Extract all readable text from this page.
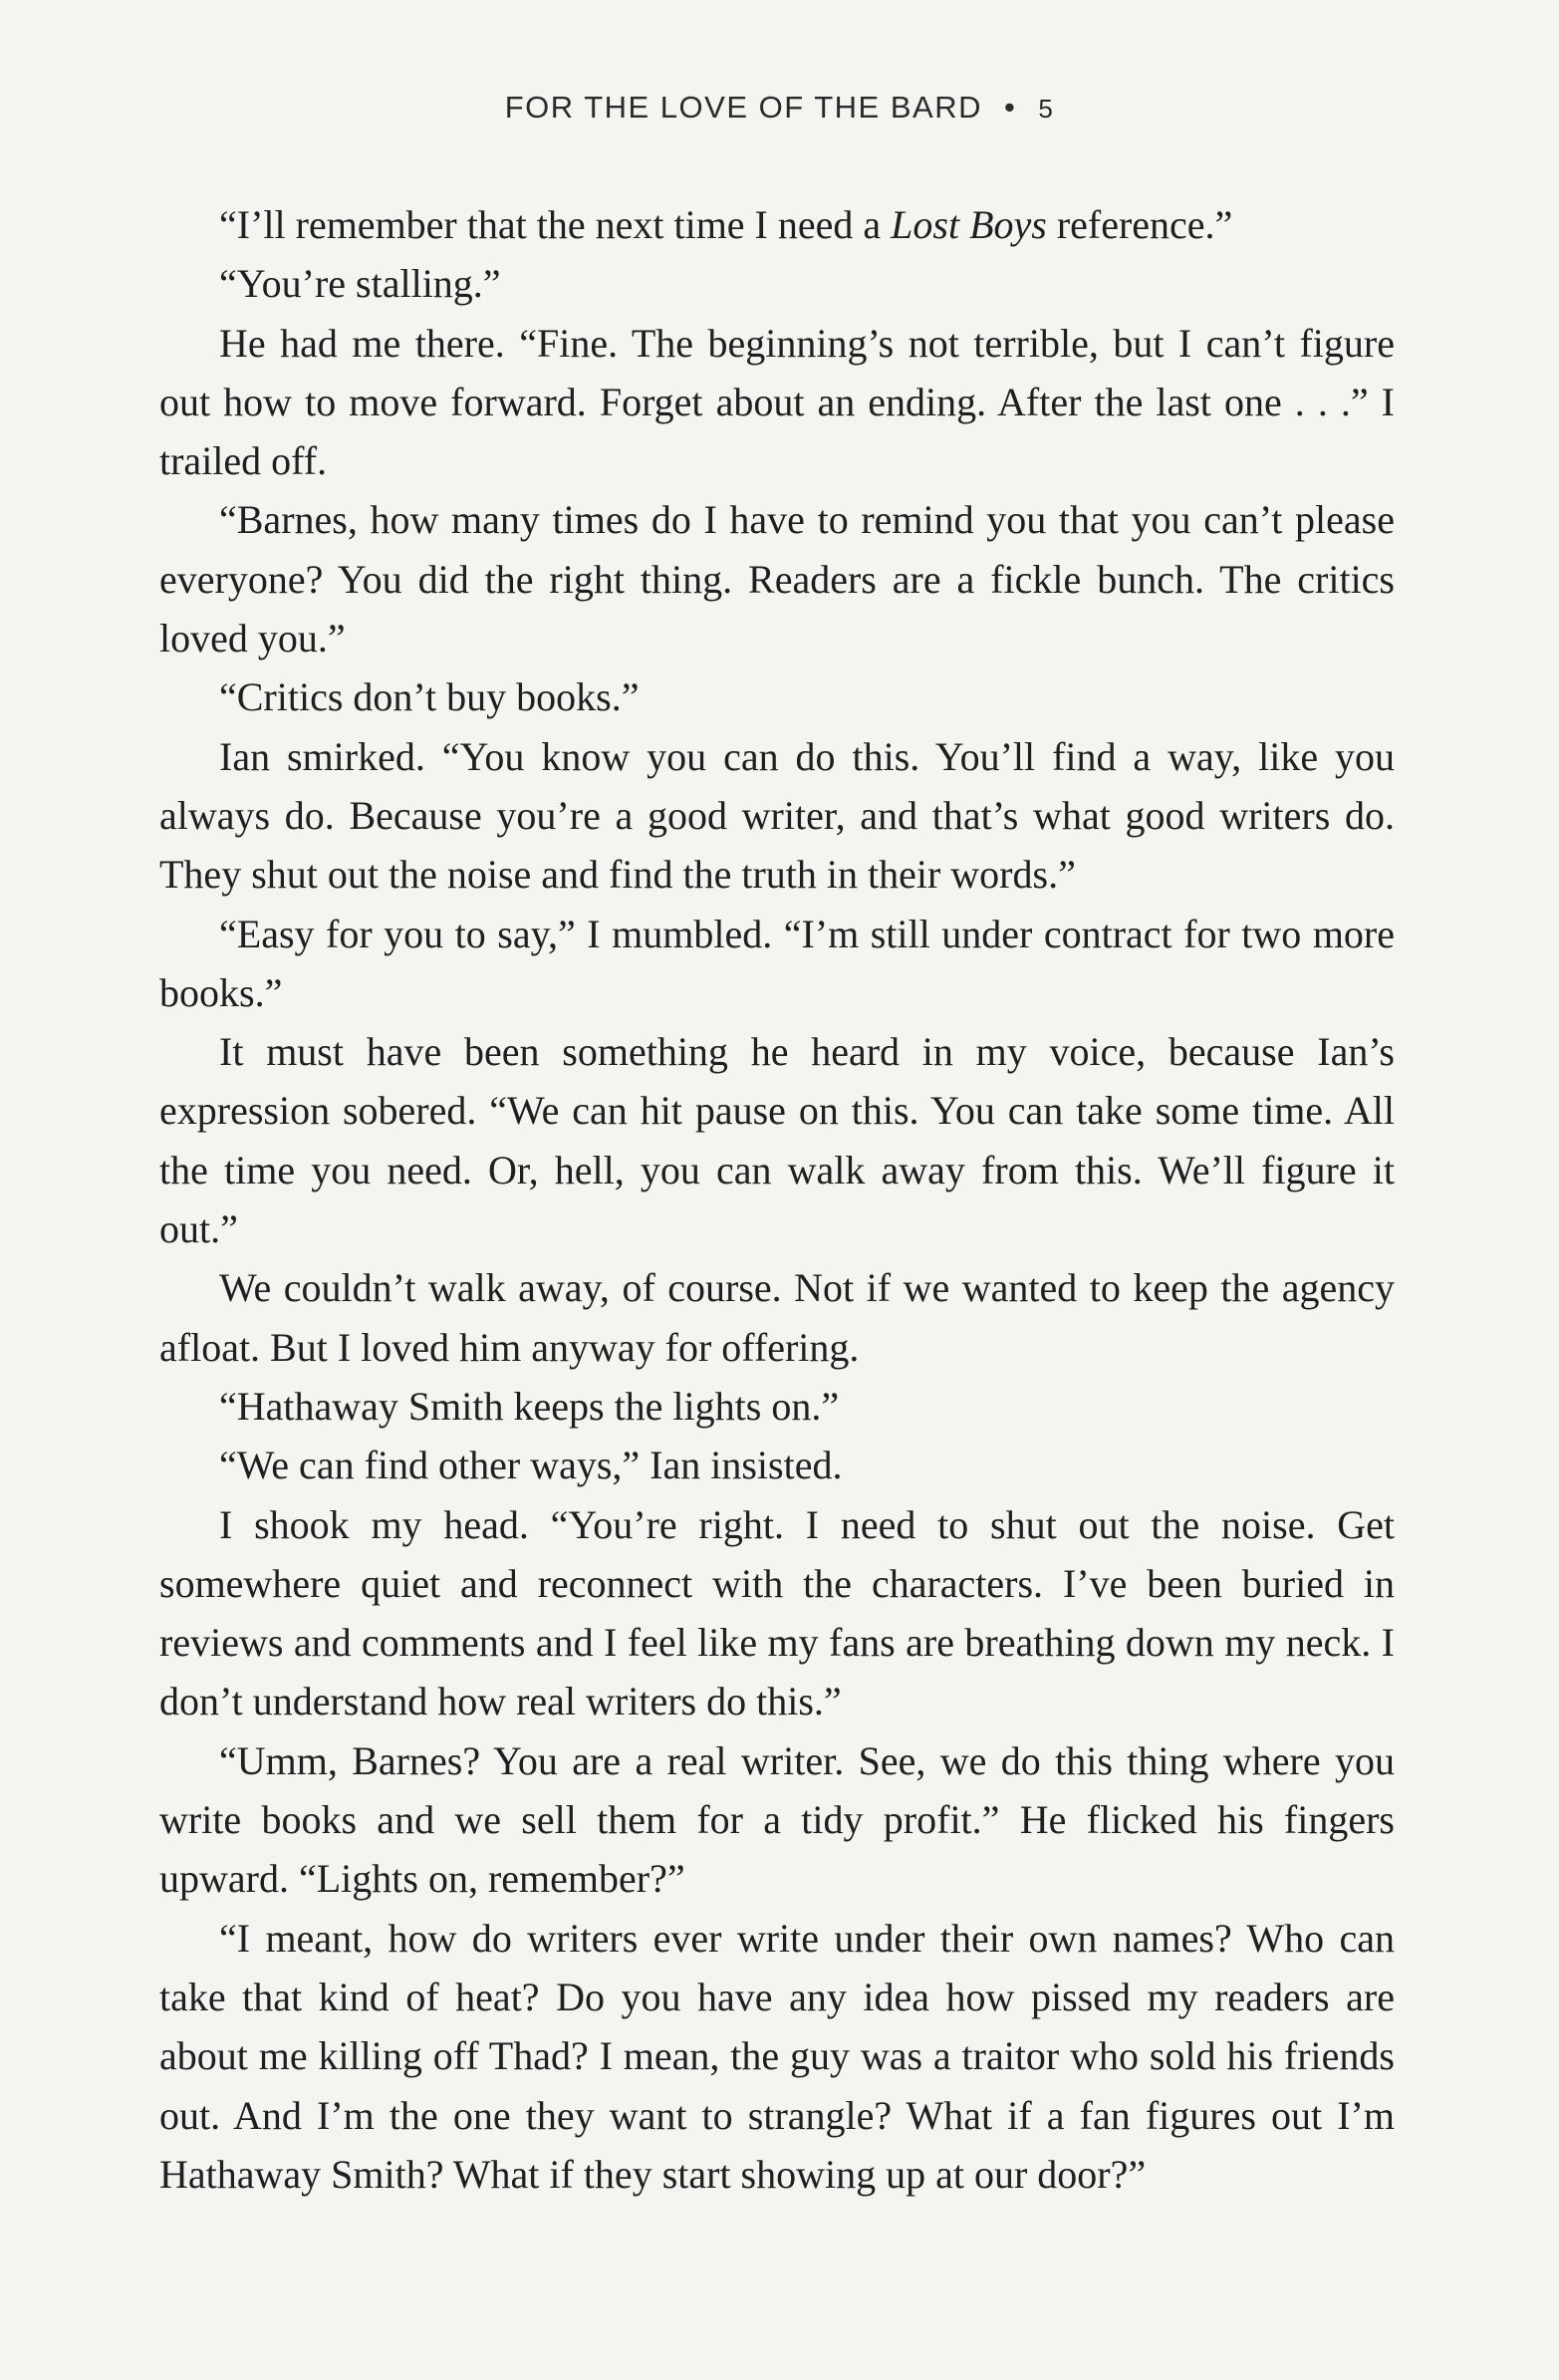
FOR THE LOVE OF THE BARD • 5

“I’ll remember that the next time I need a Lost Boys reference.”

“You’re stalling.”

He had me there. “Fine. The beginning’s not terrible, but I can’t figure out how to move forward. Forget about an ending. After the last one . . .” I trailed off.

“Barnes, how many times do I have to remind you that you can’t please everyone? You did the right thing. Readers are a fickle bunch. The critics loved you.”

“Critics don’t buy books.”

Ian smirked. “You know you can do this. You’ll find a way, like you always do. Because you’re a good writer, and that’s what good writers do. They shut out the noise and find the truth in their words.”

“Easy for you to say,” I mumbled. “I’m still under contract for two more books.”

It must have been something he heard in my voice, because Ian’s expression sobered. “We can hit pause on this. You can take some time. All the time you need. Or, hell, you can walk away from this. We’ll figure it out.”

We couldn’t walk away, of course. Not if we wanted to keep the agency afloat. But I loved him anyway for offering.

“Hathaway Smith keeps the lights on.”

“We can find other ways,” Ian insisted.

I shook my head. “You’re right. I need to shut out the noise. Get somewhere quiet and reconnect with the characters. I’ve been buried in reviews and comments and I feel like my fans are breathing down my neck. I don’t understand how real writers do this.”

“Umm, Barnes? You are a real writer. See, we do this thing where you write books and we sell them for a tidy profit.” He flicked his fingers upward. “Lights on, remember?”

“I meant, how do writers ever write under their own names? Who can take that kind of heat? Do you have any idea how pissed my readers are about me killing off Thad? I mean, the guy was a traitor who sold his friends out. And I’m the one they want to strangle? What if a fan figures out I’m Hathaway Smith? What if they start showing up at our door?”
